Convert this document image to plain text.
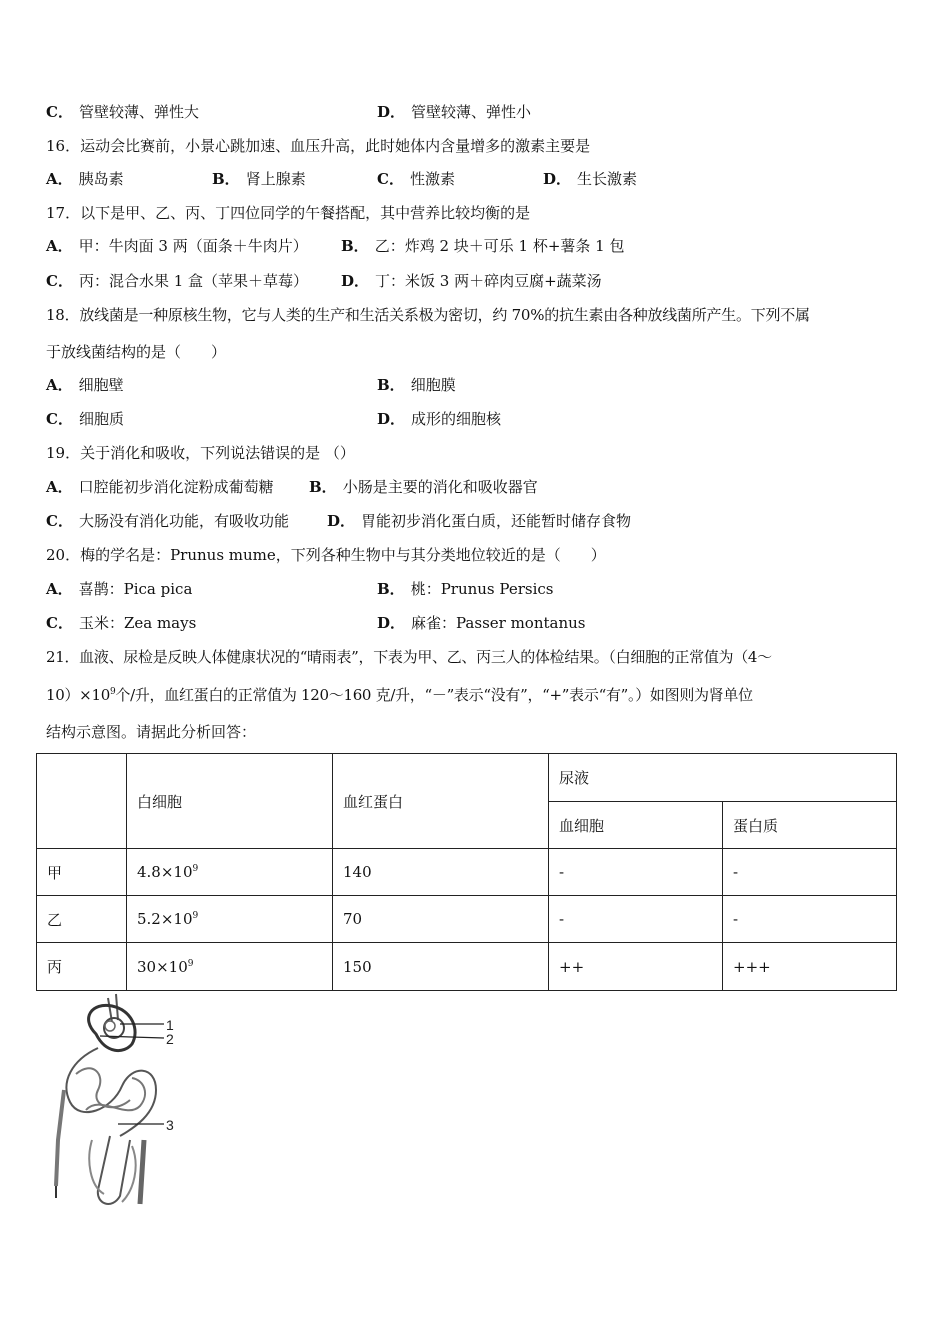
C． 管壁较薄、弹性大	D． 管壁较薄、弹性小
16．运动会比赛前，小景心跳加速、血压升高，此时她体内含量增多的激素主要是
A． 胰岛素	B． 肾上腺素	C． 性激素	D． 生长激素
17．以下是甲、乙、丙、丁四位同学的午餐搭配，其中营养比较均衡的是
A． 甲：牛肉面 3 两（面条＋牛肉片） B． 乙：炸鸡 2 块＋可乐 1 杯+薯条 1 包
C． 丙：混合水果 1 盒（苹果＋草莓） D． 丁：米饭 3 两＋碎肉豆腐+蔬菜汤
18．放线菌是一种原核生物，它与人类的生产和生活关系极为密切，约 70%的抗生素由各种放线菌所产生。下列不属
于放线菌结构的是（　　）
A． 细胞壁	B． 细胞膜
C． 细胞质	D． 成形的细胞核
19．关于消化和吸收，下列说法错误的是 （）
A． 口腔能初步消化淀粉成葡萄糖 B． 小肠是主要的消化和吸收器官
C． 大肠没有消化功能，有吸收功能	D． 胃能初步消化蛋白质，还能暂时储存食物
20．梅的学名是：Prunus mume，下列各种生物中与其分类地位较近的是（　　）
A． 喜鹊：Pica pica	B． 桃：Prunus Persics
C． 玉米：Zea mays	D． 麻雀：Passer montanus
21．血液、尿检是反映人体健康状况的“晴雨表”，下表为甲、乙、丙三人的体检结果。（白细胞的正常值为（4～
$10)\times 10^9$个/升，血红蛋白的正常值为 120～160 克/升，“－”表示“没有”，“+”表示“有”。）如图则为肾单位
结构示意图。请据此分析回答：
	白细胞	血红蛋白	尿液	
			血细胞	蛋白质
甲	$4.8\times 10^9$	140	-	-
乙	$5.2\times 10^9$	70	-	-
丙	$30\times 10^9$	150	++	+++
1
2
3
